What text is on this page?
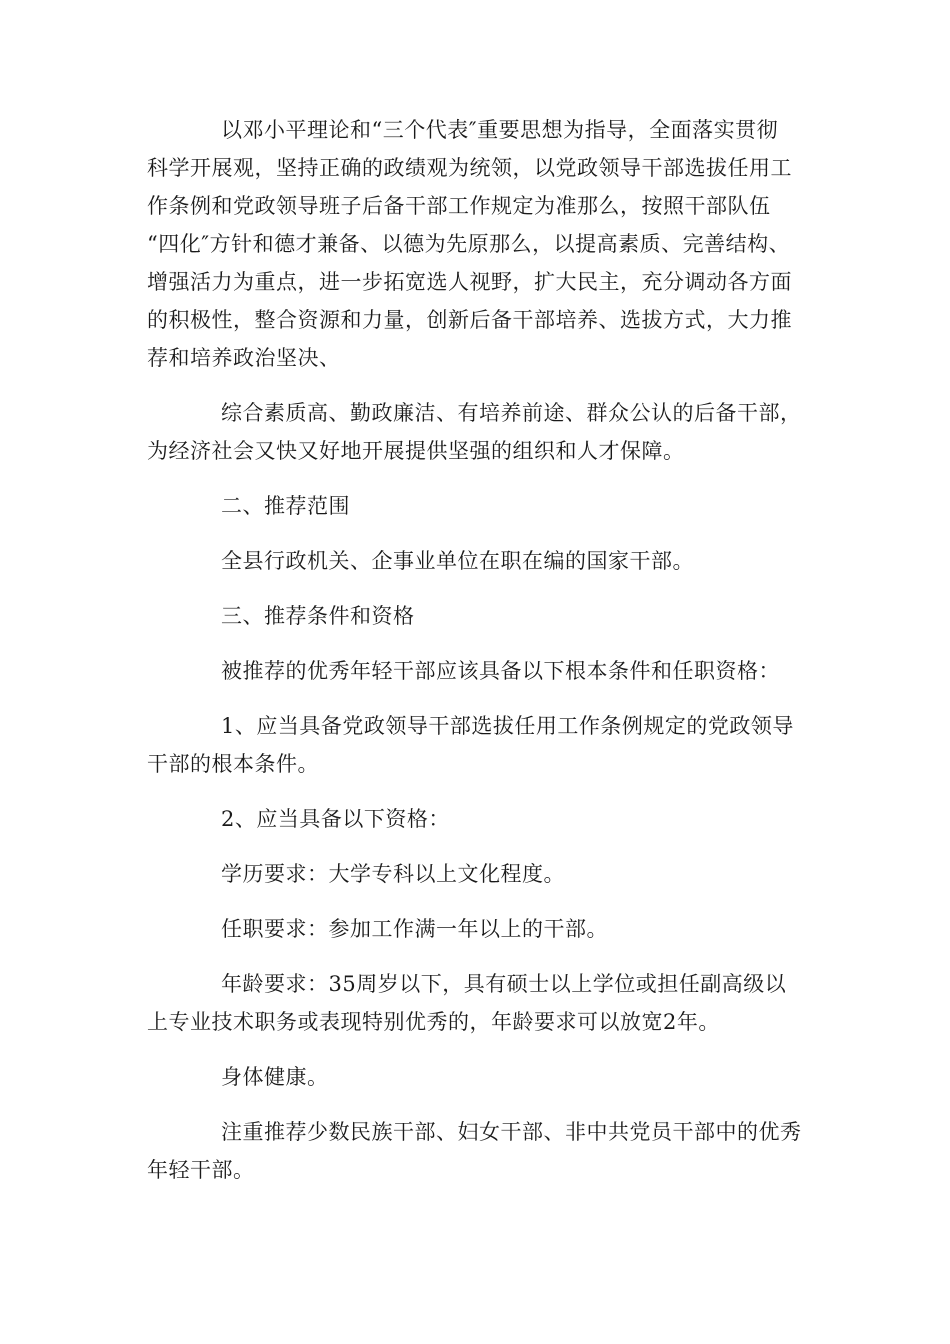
以邓小平理论和“三个代表″重要思想为指导，全面落实贯彻
科学开展观，坚持正确的政绩观为统领，以党政领导干部选拔任用工
作条例和党政领导班子后备干部工作规定为准那么，按照干部队伍
“四化″方针和德才兼备、以德为先原那么，以提高素质、完善结构、
增强活力为重点，进一步拓宽选人视野，扩大民主，充分调动各方面
的积极性，整合资源和力量，创新后备干部培养、选拔方式，大力推
荐和培养政治坚决、
综合素质高、勤政廉洁、有培养前途、群众公认的后备干部，
为经济社会又快又好地开展提供坚强的组织和人才保障。
二、推荐范围
全县行政机关、企事业单位在职在编的国家干部。
三、推荐条件和资格
被推荐的优秀年轻干部应该具备以下根本条件和任职资格：
1、应当具备党政领导干部选拔任用工作条例规定的党政领导
干部的根本条件。
2、应当具备以下资格：
学历要求：大学专科以上文化程度。
任职要求：参加工作满一年以上的干部。
年龄要求：35周岁以下，具有硕士以上学位或担任副高级以
上专业技术职务或表现特别优秀的，年龄要求可以放宽2年。
身体健康。
注重推荐少数民族干部、妇女干部、非中共党员干部中的优秀
年轻干部。
